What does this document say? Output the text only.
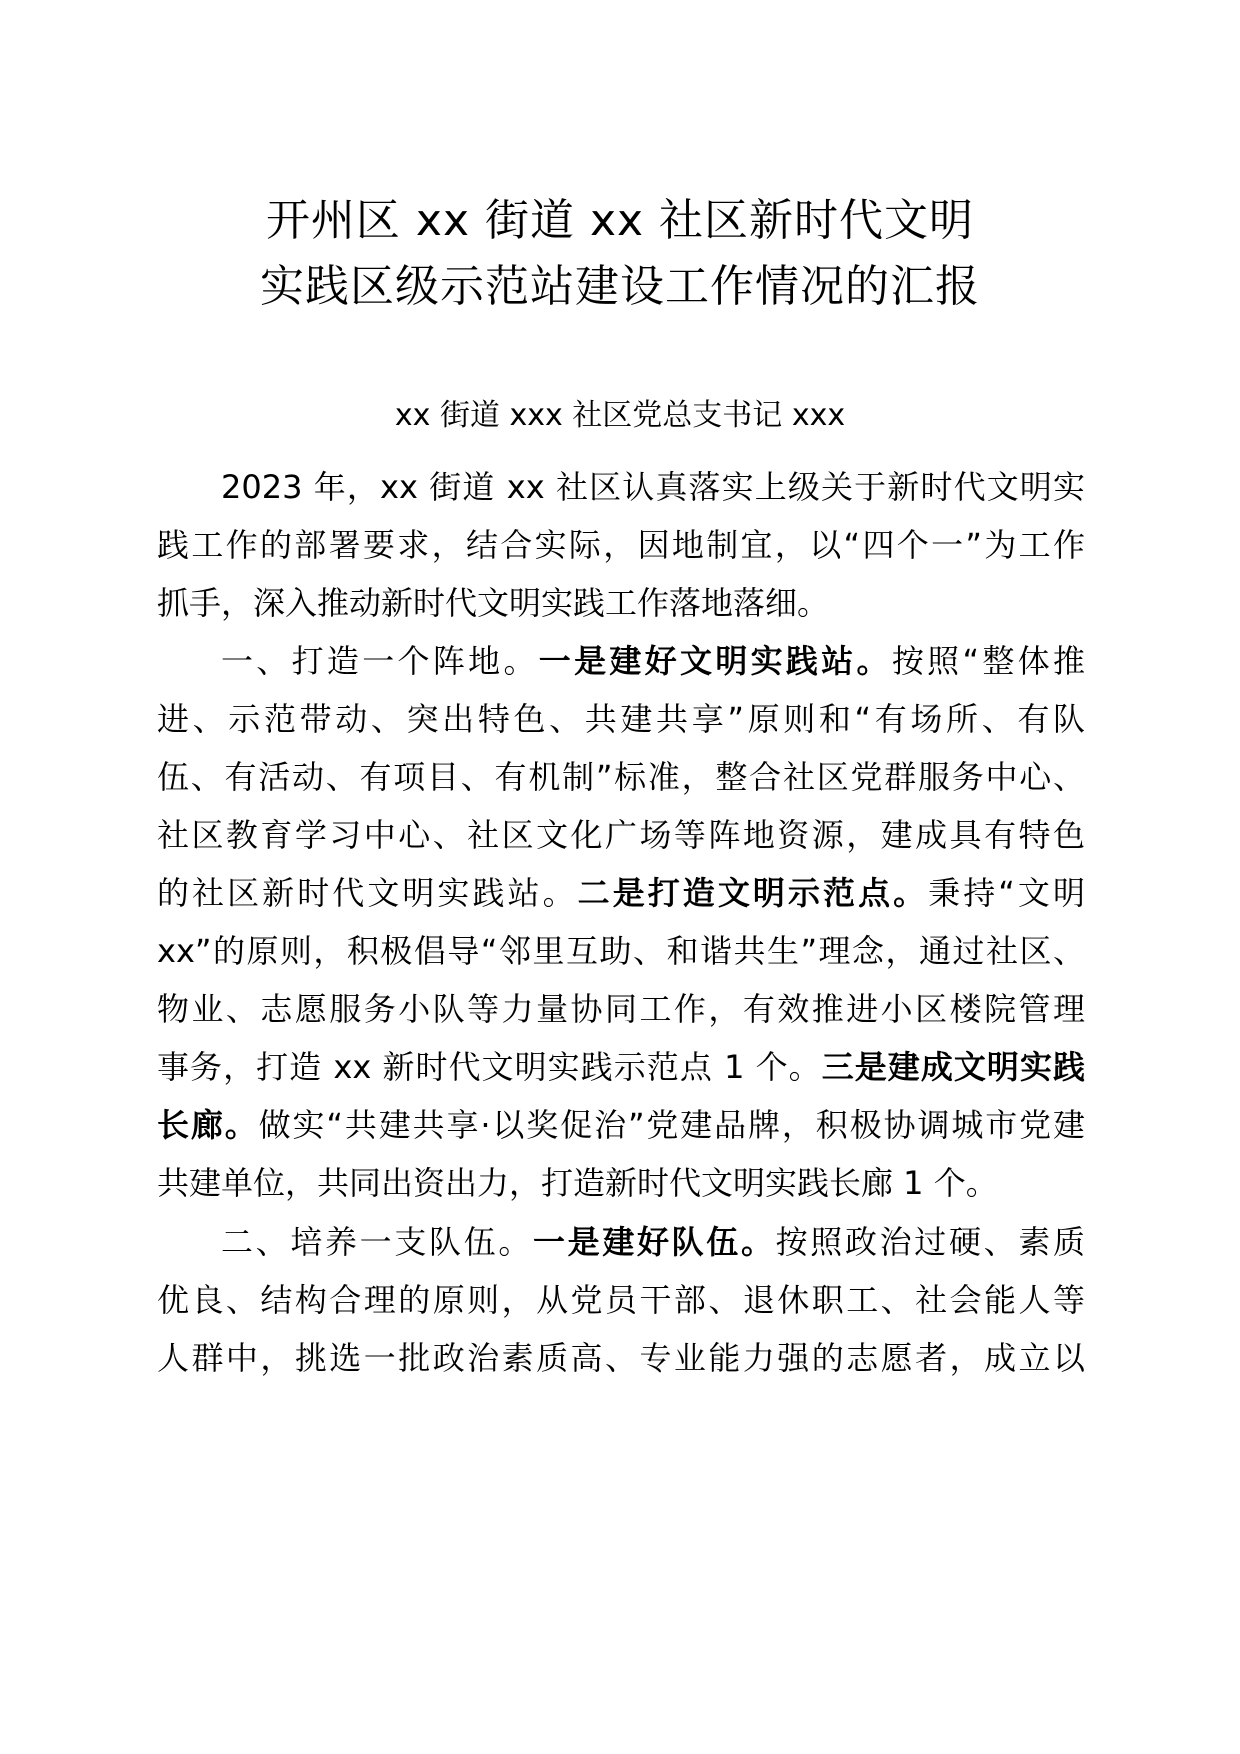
开州区 xx 街道 xx 社区新时代文明
实践区级示范站建设工作情况的汇报
xx 街道 xxx 社区党总支书记 xxx

2023 年，xx 街道 xx 社区认真落实上级关于新时代文明实

践工作的部署要求，结合实际，因地制宜，以“四个一”为工作

抓手，深入推动新时代文明实践工作落地落细。

一、打造一个阵地。一是建好文明实践站。按照“整体推

进、示范带动、突出特色、共建共享”原则和“有场所、有队

伍、有活动、有项目、有机制”标准，整合社区党群服务中心、

社区教育学习中心、社区文化广场等阵地资源，建成具有特色

的社区新时代文明实践站。二是打造文明示范点。秉持“文明

xx”的原则，积极倡导“邻里互助、和谐共生”理念，通过社区、

物业、志愿服务小队等力量协同工作，有效推进小区楼院管理

事务，打造 xx 新时代文明实践示范点 1 个。三是建成文明实践

长廊。做实“共建共享·以奖促治”党建品牌，积极协调城市党建

共建单位，共同出资出力，打造新时代文明实践长廊 1 个。

二、培养一支队伍。一是建好队伍。按照政治过硬、素质

优良、结构合理的原则，从党员干部、退休职工、社会能人等

人群中，挑选一批政治素质高、专业能力强的志愿者，成立以
